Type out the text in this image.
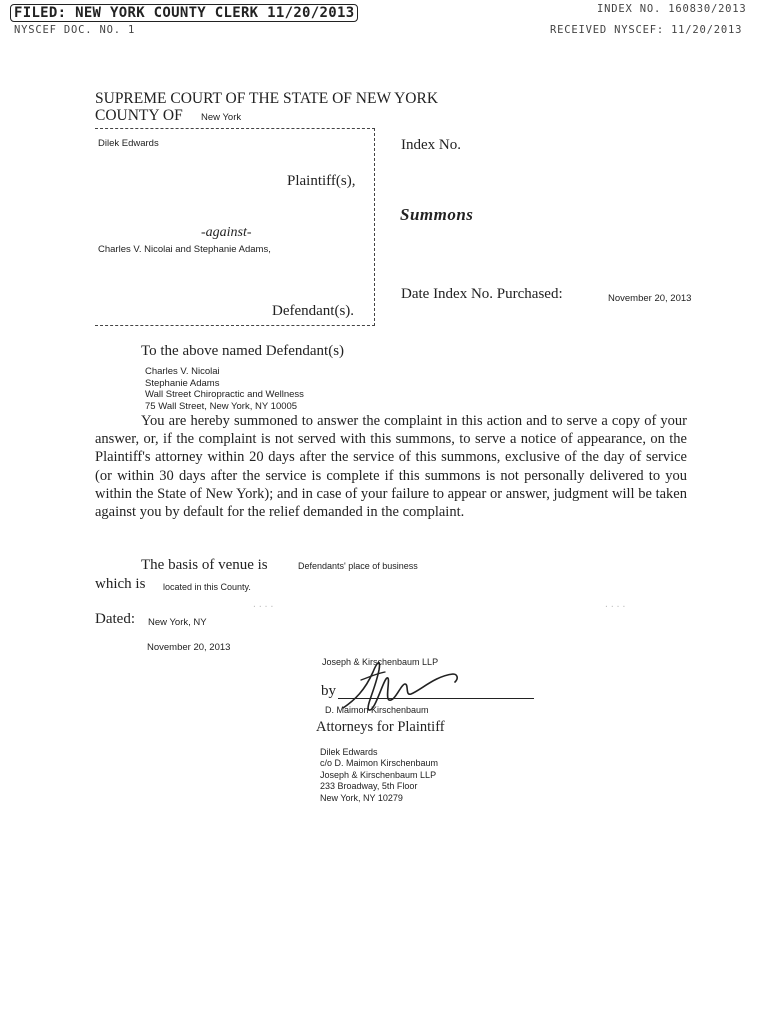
FILED: NEW YORK COUNTY CLERK 11/20/2013
NYSCEF DOC. NO. 1
INDEX NO. 160830/2013
RECEIVED NYSCEF: 11/20/2013
SUPREME COURT OF THE STATE OF NEW YORK
COUNTY OF New York
Dilek Edwards
Plaintiff(s),
-against-
Charles V. Nicolai and Stephanie Adams,
Defendant(s).
Index No.
Summons
Date Index No. Purchased:	November 20, 2013
To the above named Defendant(s)
Charles V. Nicolai
Stephanie Adams
Wall Street Chiropractic and Wellness
75 Wall Street, New York, NY 10005
You are hereby summoned to answer the complaint in this action and to serve a copy of your answer, or, if the complaint is not served with this summons, to serve a notice of appearance, on the Plaintiff's attorney within 20 days after the service of this summons, exclusive of the day of service (or within 30 days after the service is complete if this summons is not personally delivered to you within the State of New York); and in case of your failure to appear or answer, judgment will be taken against you by default for the relief demanded in the complaint.
The basis of venue is	Defendants' place of business
which is located in this County.
....	....
Dated: New York, NY
November 20, 2013
Joseph & Kirschenbaum LLP
by
D. Maimon Kirschenbaum
Attorneys for Plaintiff
Dilek Edwards
c/o D. Maimon Kirschenbaum
Joseph & Kirschenbaum LLP
233 Broadway, 5th Floor
New York, NY 10279
